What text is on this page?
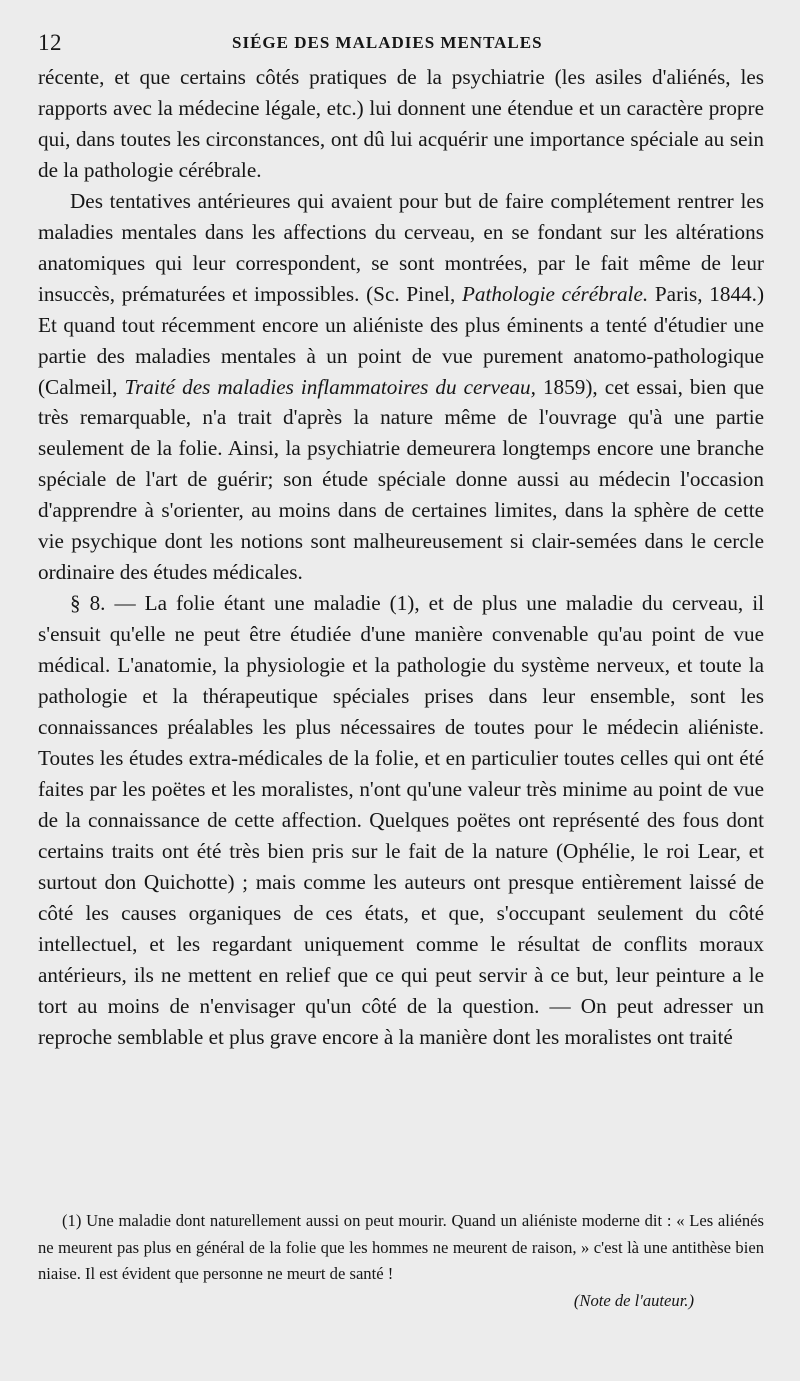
12	SIÉGE DES MALADIES MENTALES

récente, et que certains côtés pratiques de la psychiatrie (les asiles d'aliénés, les rapports avec la médecine légale, etc.) lui donnent une étendue et un caractère propre qui, dans toutes les circonstances, ont dû lui acquérir une importance spéciale au sein de la pathologie cérébrale.

Des tentatives antérieures qui avaient pour but de faire complétement rentrer les maladies mentales dans les affections du cerveau, en se fondant sur les altérations anatomiques qui leur correspondent, se sont montrées, par le fait même de leur insuccès, prématurées et impossibles. (Sc. Pinel, Pathologie cérébrale. Paris, 1844.) Et quand tout récemment encore un aliéniste des plus éminents a tenté d'étudier une partie des maladies mentales à un point de vue purement anatomo-pathologique (Calmeil, Traité des maladies inflammatoires du cerveau, 1859), cet essai, bien que très remarquable, n'a trait d'après la nature même de l'ouvrage qu'à une partie seulement de la folie. Ainsi, la psychiatrie demeurera longtemps encore une branche spéciale de l'art de guérir; son étude spéciale donne aussi au médecin l'occasion d'apprendre à s'orienter, au moins dans de certaines limites, dans la sphère de cette vie psychique dont les notions sont malheureusement si clair-semées dans le cercle ordinaire des études médicales.

§ 8. — La folie étant une maladie (1), et de plus une maladie du cerveau, il s'ensuit qu'elle ne peut être étudiée d'une manière convenable qu'au point de vue médical. L'anatomie, la physiologie et la pathologie du système nerveux, et toute la pathologie et la thérapeutique spéciales prises dans leur ensemble, sont les connaissances préalables les plus nécessaires de toutes pour le médecin aliéniste. Toutes les études extra-médicales de la folie, et en particulier toutes celles qui ont été faites par les poëtes et les moralistes, n'ont qu'une valeur très minime au point de vue de la connaissance de cette affection. Quelques poëtes ont représenté des fous dont certains traits ont été très bien pris sur le fait de la nature (Ophélie, le roi Lear, et surtout don Quichotte) ; mais comme les auteurs ont presque entièrement laissé de côté les causes organiques de ces états, et que, s'occupant seulement du côté intellectuel, et les regardant uniquement comme le résultat de conflits moraux antérieurs, ils ne mettent en relief que ce qui peut servir à ce but, leur peinture a le tort au moins de n'envisager qu'un côté de la question. — On peut adresser un reproche semblable et plus grave encore à la manière dont les moralistes ont traité

(1) Une maladie dont naturellement aussi on peut mourir. Quand un aliéniste moderne dit : « Les aliénés ne meurent pas plus en général de la folie que les hommes ne meurent de raison, » c'est là une antithèse bien niaise. Il est évident que personne ne meurt de santé !

(Note de l'auteur.)
